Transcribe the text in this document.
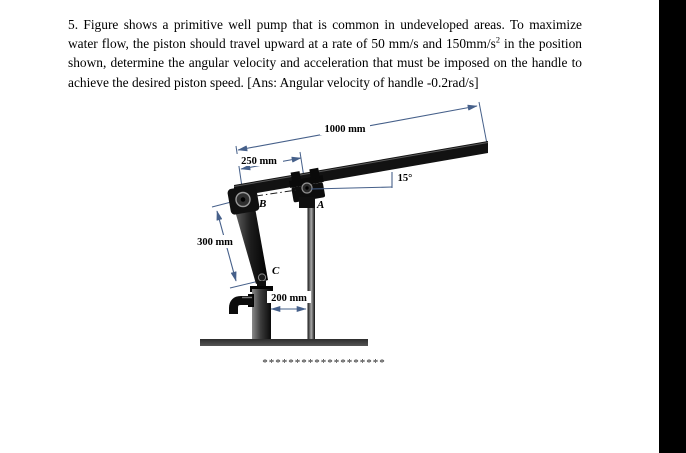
5. Figure shows a primitive well pump that is common in undeveloped areas. To maximize
water flow, the piston should travel upward at a rate of 50 mm/s and $150mm/s^2$ in the position
shown, determine the angular velocity and acceleration that must be imposed on the handle to
achieve the desired piston speed. [Ans: Angular velocity of handle -0.2rad/s]
1000 mm
250 mm
300 mm
200 mm
15°
B	A
C
*******************
